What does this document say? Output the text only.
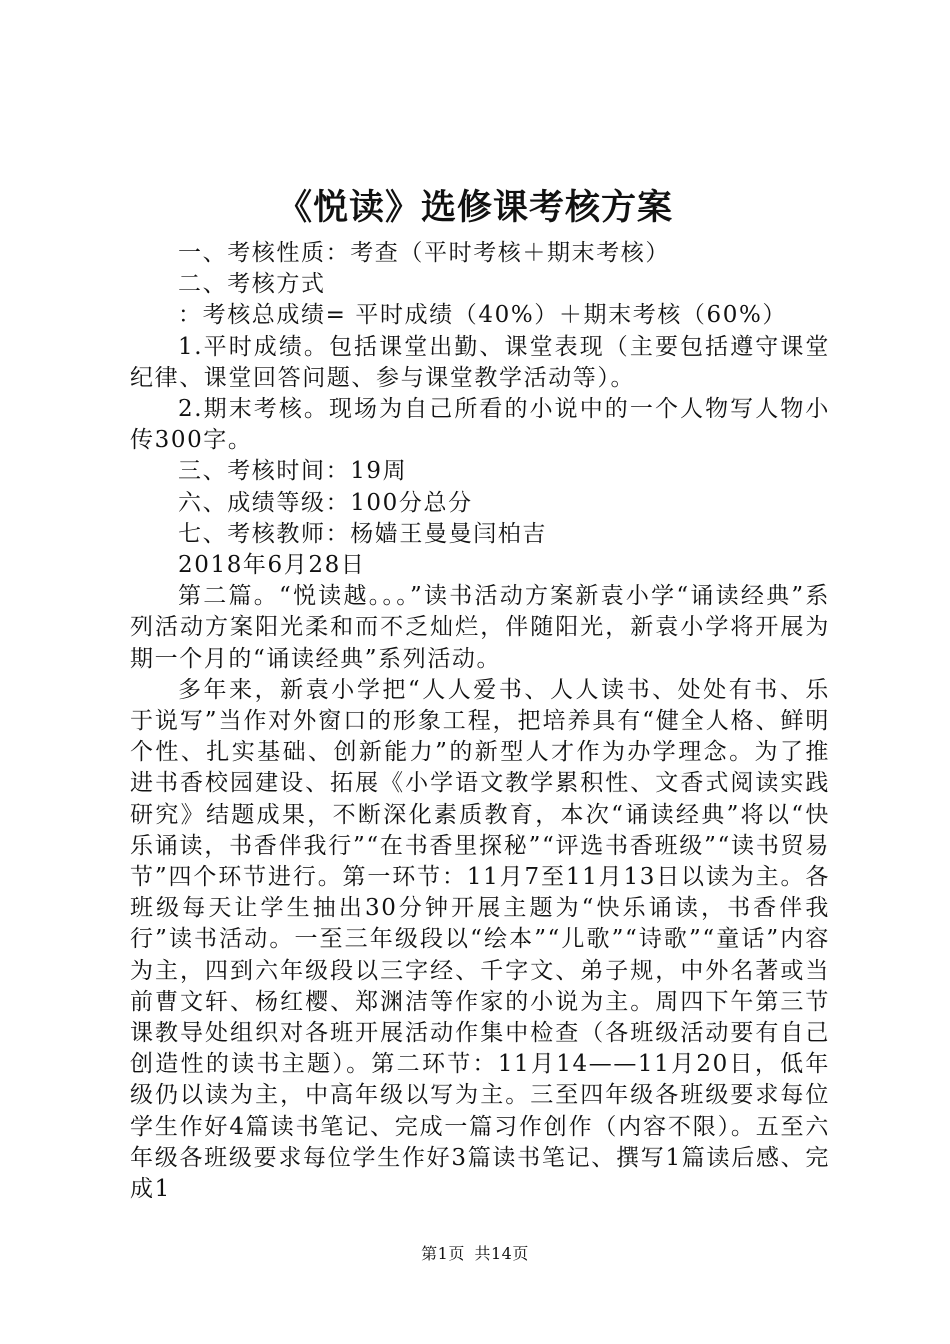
《悦读》选修课考核方案

一、考核性质：考查（平时考核＋期末考核）

二、考核方式

：考核总成绩= 平时成绩（40%）＋期末考核（60%）

1.平时成绩。包括课堂出勤、课堂表现（主要包括遵守课堂纪律、课堂回答问题、参与课堂教学活动等）。

2.期末考核。现场为自己所看的小说中的一个人物写人物小传300字。

三、考核时间：19周

六、成绩等级：100分总分

七、考核教师：杨嫱王曼曼闫柏吉

2018年6月28日

第二篇。“悦读越。。。”读书活动方案新袁小学“诵读经典”系列活动方案阳光柔和而不乏灿烂，伴随阳光，新袁小学将开展为期一个月的“诵读经典”系列活动。

多年来，新袁小学把“人人爱书、人人读书、处处有书、乐于说写”当作对外窗口的形象工程，把培养具有“健全人格、鲜明个性、扎实基础、创新能力”的新型人才作为办学理念。为了推进书香校园建设、拓展《小学语文教学累积性、文香式阅读实践研究》结题成果，不断深化素质教育，本次“诵读经典”将以“快乐诵读，书香伴我行”“在书香里探秘”“评选书香班级”“读书贸易节”四个环节进行。第一环节：11月7至11月13日以读为主。各班级每天让学生抽出30分钟开展主题为“快乐诵读，书香伴我行”读书活动。一至三年级段以“绘本”“儿歌”“诗歌”“童话”内容为主，四到六年级段以三字经、千字文、弟子规，中外名著或当前曹文轩、杨红樱、郑渊洁等作家的小说为主。周四下午第三节课教导处组织对各班开展活动作集中检查（各班级活动要有自己创造性的读书主题）。第二环节：11月14——11月20日，低年级仍以读为主，中高年级以写为主。三至四年级各班级要求每位学生作好4篇读书笔记、完成一篇习作创作（内容不限）。五至六年级各班级要求每位学生作好3篇读书笔记、撰写1篇读后感、完成1

第1页 共14页
